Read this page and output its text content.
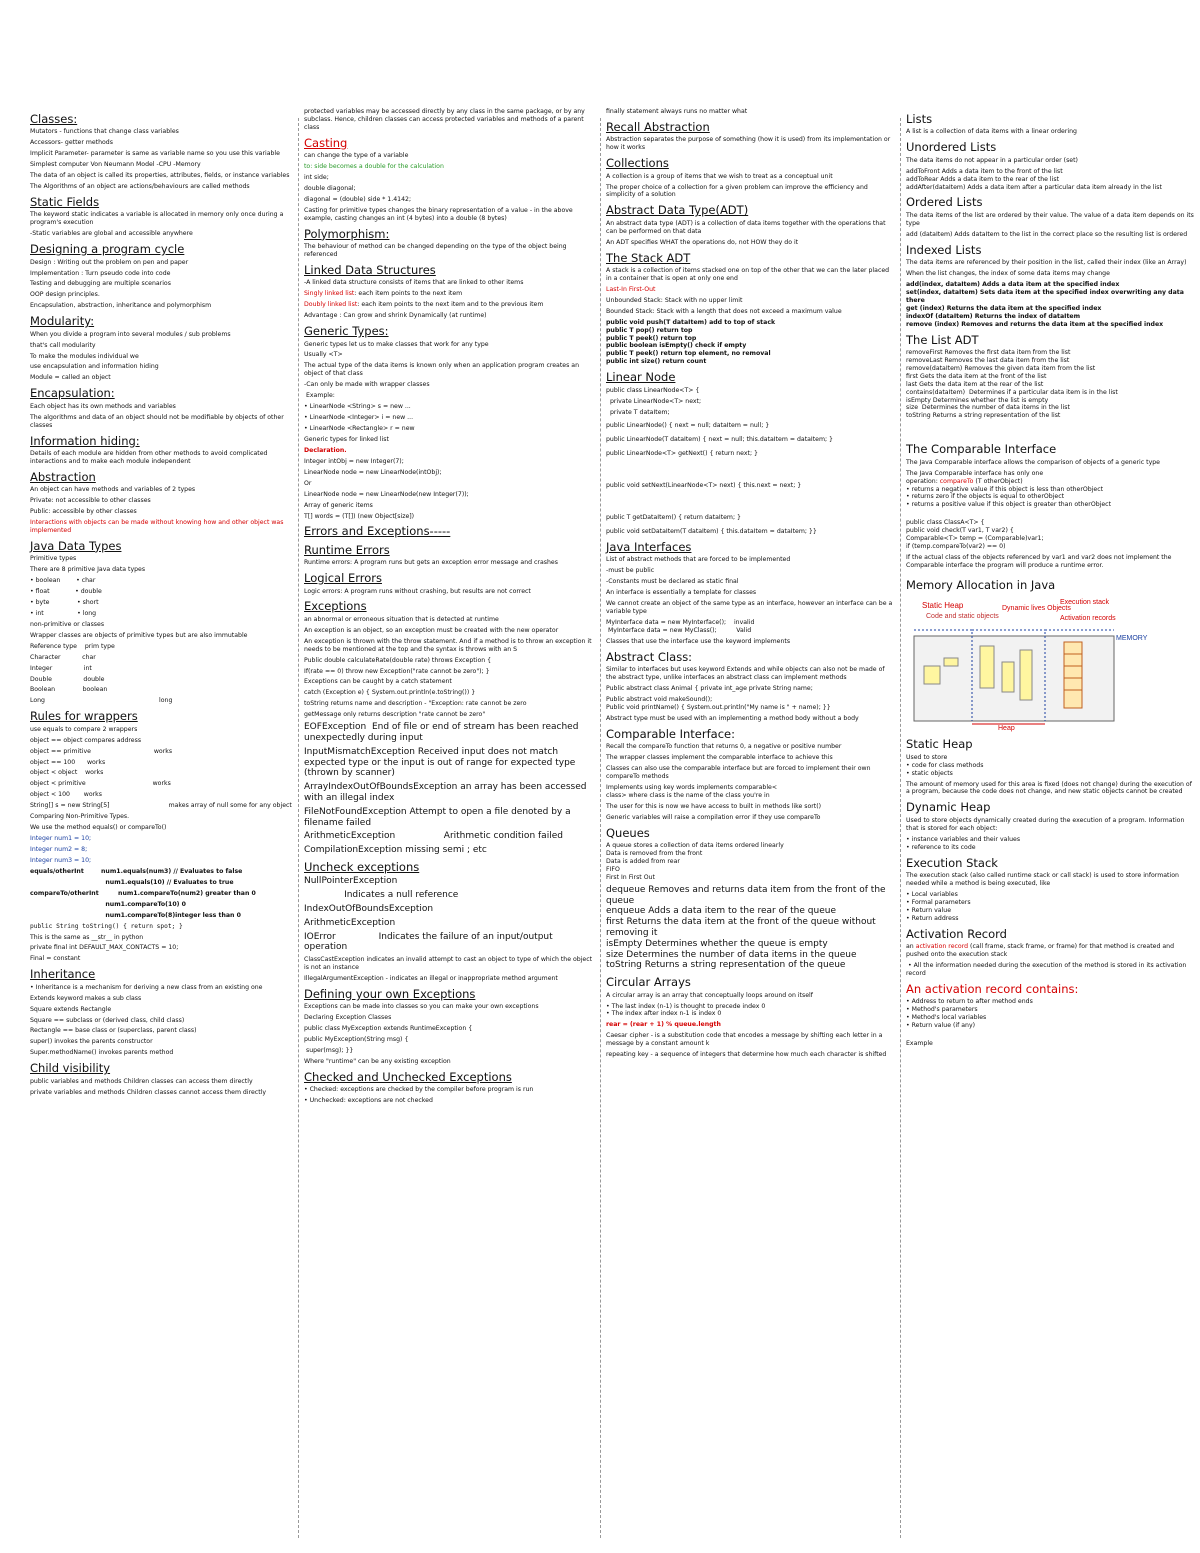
Classes:
Mutators - functions that change class variables
Accessors- getter methods
Implicit Parameter- parameter is same as variable name so you use this variable
Simplest computer Von Neumann Model -CPU -Memory
The data of an object is called its properties, attributes, fields, or instance variables
The Algorithms of an object are actions/behaviours are called methods
Static Fields
The keyword static indicates a variable is allocated in memory only once during a program's execution
-Static variables are global and accessible anywhere
Designing a program cycle
Design : Writing out the problem on pen and paper
Implementation : Turn pseudo code into code
Testing and debugging are multiple scenarios
OOP design principles.
Encapsulation, abstraction, inheritance and polymorphism
Modularity:
When you divide a program into several modules / sub problems
that's call modularity
To make the modules individual we
use encapsulation and information hiding
Module = called an object
Encapsulation:
Each object has its own methods and variables
The algorithms and data of an object should not be modifiable by objects of other classes
Information hiding:
Details of each module are hidden from other methods to avoid complicated interactions and to make each module independent
Abstraction
An object can have methods and variables of 2 types
Private: not accessible to other classes
Public: accessible by other classes
Interactions with objects can be made without knowing how and other object was implemented
Java Data Types
Primitive types
There are 8 primitive Java data types
• boolean        • char
• float             • double
• byte              • short
• int                 • long
non-primitive or classes
Wrapper classes are objects of primitive types but are also immutable
Reference type    prim type
Character           char
Integer                int
Double                double
Boolean              boolean
Long                                                          long
Rules for wrappers
use equals to compare 2 wrappers
object == object compares address
object == primitive                                works
object == 100      works
object < object    works
object < primitive                                  works
object < 100       works
String[] s = new String[5]                              makes array of null some for any object
Comparing Non-Primitive Types.
We use the method equals() or compareTo()
Integer num1 = 10;
Integer num2 = 8;
Integer num3 = 10;
equals/otherInt        num1.equals(num3) // Evaluates to false
num1.equals(10) // Evaluates to true
compareTo/otherInt         num1.compareTo(num2) greater than 0
num1.compareTo(10) 0
num1.compareTo(8)integer less than 0
public String toString() { return spot; }
This is the same as __str__ in python
private final int DEFAULT_MAX_CONTACTS = 10;
Final = constant
Inheritance
• Inheritance is a mechanism for deriving a new class from an existing one
Extends keyword makes a sub class
Square extends Rectangle
Square == subclass or (derived class, child class)
Rectangle == base class or (superclass, parent class)
super() invokes the parents constructor
Super.methodName() invokes parents method
Child visibility
public variables and methods Children classes can access them directly
private variables and methods Children classes cannot access them directly
protected variables may be accessed directly by any class in the same package, or by any subclass. Hence, children classes can access protected variables and methods of a parent class
Casting
can change the type of a variable
to: side becomes a double for the calculation
int side;
double diagonal;
diagonal = (double) side * 1.4142;
Casting for primitive types changes the binary representation of a value - in the above example, casting changes an int (4 bytes) into a double (8 bytes)
Polymorphism:
The behaviour of method can be changed depending on the type of the object being referenced
Linked Data Structures
-A linked data structure consists of items that are linked to other items
Singly linked list: each item points to the next item
Doubly linked list: each item points to the next item and to the previous item
Advantage : Can grow and shrink Dynamically (at runtime)
Generic Types:
Generic types let us to make classes that work for any type
Usually <T>
The actual type of the data items is known only when an application program creates an object of that class
-Can only be made with wrapper classes
Example:
• LinearNode <String> s = new ...
• LinearNode <Integer> i = new ...
• LinearNode <Rectangle> r = new
Generic types for linked list
Declaration.
Integer intObj = new Integer(7);
LinearNode node = new LinearNode(intObj);
Or
LinearNode node = new LinearNode(new Integer(7));
Array of generic items
T[] words = (T[]) (new Object[size])
Errors and Exceptions-----
Runtime Errors
Runtime errors: A program runs but gets an exception error message and crashes
Logical Errors
Logic errors: A program runs without crashing, but results are not correct
Exceptions
an abnormal or erroneous situation that is detected at runtime
An exception is an object, so an exception must be created with the new operator
An exception is thrown with the throw statement. And if a method is to throw an exception it needs to be mentioned at the top and the syntax is throws with an S
Public double calculateRate(double rate) throws Exception {
If(rate == 0) throw new Exception("rate cannot be zero"); }
Exceptions can be caught by a catch statement
catch (Exception e) { System.out.println(e.toString()) }
toString returns name and description - "Exception: rate cannot be zero
getMessage only returns description "rate cannot be zero"
EOFException  End of file or end of stream has been reached unexpectedly during input
InputMismatchException Received input does not match expected type or the input is out of range for expected type (thrown by scanner)
ArrayIndexOutOfBoundsException an array has been accessed with an illegal index
FileNotFoundException Attempt to open a file denoted by a filename failed
ArithmeticException                 Arithmetic condition failed
CompilationException missing semi ; etc
Uncheck exceptions
NullPointerException
Indicates a null reference
IndexOutOfBoundsException
ArithmeticException
IOError               Indicates the failure of an input/output operation
ClassCastException indicates an invalid attempt to cast an object to type of which the object is not an instance
IllegalArgumentException - indicates an illegal or inappropriate method argument
Defining your own Exceptions
Exceptions can be made into classes so you can make your own exceptions
Declaring Exception Classes
public class MyException extends RuntimeException {
public MyException(String msg) {
super(msg); }}
Where "runtime" can be any existing exception
Checked and Unchecked Exceptions
• Checked: exceptions are checked by the compiler before program is run
• Unchecked: exceptions are not checked
finally statement always runs no matter what
Recall Abstraction
Abstraction separates the purpose of something (how it is used) from its implementation or how it works
Collections
A collection is a group of items that we wish to treat as a conceptual unit
The proper choice of a collection for a given problem can improve the efficiency and simplicity of a solution
Abstract Data Type(ADT)
An abstract data type (ADT) is a collection of data items together with the operations that can be performed on that data
An ADT specifies WHAT the operations do, not HOW they do it
The Stack ADT
A stack is a collection of items stacked one on top of the other that we can the later placed in a container that is open at only one end
Last-In First-Out
Unbounded Stack: Stack with no upper limit
Bounded Stack: Stack with a length that does not exceed a maximum value
public void push(T dataItem) add to top of stack
public T pop() return top
public T peek() return top
public boolean isEmpty() check if empty
public T peek() return top element, no removal
public int size() return count
Linear Node
public class LinearNode<T> {
private LinearNode<T> next;
private T dataItem;
public LinearNode() { next = null; dataItem = null; }
public LinearNode(T dataItem) { next = null; this.dataItem = dataItem; }
public LinearNode<T> getNext() { return next; }
public void setNext(LinearNode<T> next) { this.next = next; }
public T getDataItem() { return dataItem; }
public void setDataItem(T dataItem) { this.dataItem = dataItem; }}
Java Interfaces
List of abstract methods that are forced to be implemented
-must be public
-Constants must be declared as static final
An interface is essentially a template for classes
We cannot create an object of the same type as an interface, however an interface can be a variable type
MyInterface data = new MyInterface();    invalid
MyInterface data = new MyClass();          Valid
Classes that use the interface use the keyword implements
Abstract Class:
Similar to interfaces but uses keyword Extends and while objects can also not be made of the abstract type, unlike interfaces an abstract class can implement methods
Public abstract class Animal { private int_age private String name;
Public abstract void makeSound();
Public void printName() { System.out.println("My name is " + name); }}
Abstract type must be used with an implementing a method body without a body
Comparable Interface:
Recall the compareTo function that returns 0, a negative or positive number
The wrapper classes implement the comparable interface to achieve this
Classes can also use the comparable interface but are forced to implement their own compareTo methods
Implements using key words implements comparable<
class> where class is the name of the class you're in
The user for this is now we have access to built in methods like sort()
Generic variables will raise a compilation error if they use compareTo
Queues
A queue stores a collection of data items ordered linearly
Data is removed from the front
Data is added from rear
FIFO
First In First Out
dequeue Removes and returns data item from the front of the queue
enqueue Adds a data item to the rear of the queue
first Returns the data item at the front of the queue without removing it
isEmpty Determines whether the queue is empty
size Determines the number of data items in the queue
toString Returns a string representation of the queue
Circular Arrays
A circular array is an array that conceptually loops around on itself
• The last index (n-1) is thought to precede index 0
• The index after index n-1 is index 0
rear = (rear + 1) % queue.length
Caesar cipher - is a substitution code that encodes a message by shifting each letter in a message by a constant amount k
repeating key - a sequence of integers that determine how much each character is shifted
Lists
A list is a collection of data items with a linear ordering
Unordered Lists
The data items do not appear in a particular order (set)
addToFront Adds a data item to the front of the list
addToRear Adds a data item to the rear of the list
addAfter(dataItem) Adds a data item after a particular data item already in the list
Ordered Lists
The data items of the list are ordered by their value. The value of a data item depends on its type
add (dataItem) Adds dataItem to the list in the correct place so the resulting list is ordered
Indexed Lists
The data items are referenced by their position in the list, called their index (like an Array)
When the list changes, the index of some data items may change
add(index, dataItem) Adds a data item at the specified index
set(index, dataItem) Sets data item at the specified index overwriting any data there
get (index) Returns the data item at the specified index
indexOf (dataItem) Returns the index of dataItem
remove (index) Removes and returns the data item at the specified index
The List ADT
removeFirst Removes the first data item from the list
removeLast Removes the last data item from the list
remove(dataItem) Removes the given data item from the list
first Gets the data item at the front of the list
last Gets the data item at the rear of the list
contains(dataItem)  Determines if a particular data item is in the list
isEmpty Determines whether the list is empty
size  Determines the number of data items in the list
toString Returns a string representation of the list
The Comparable Interface
The Java Comparable interface allows the comparison of objects of a generic type
The Java Comparable interface has only one
operation: compareTo (T otherObject)
• returns a negative value if this object is less than otherObject
• returns zero if the objects is equal to otherObject
• returns a positive value if this object is greater than otherObject
public class ClassA<T> {
public void check(T var1, T var2) {
Comparable<T> temp = (Comparable)var1;
if (temp.compareTo(var2) == 0)
If the actual class of the objects referenced by var1 and var2 does not implement the Comparable interface the program will produce a runtime error.
Memory Allocation in Java
Static Heap
Code and static objects
Dynamic lives Objects
Execution stack
Activation records
MEMORY
Heap
Static Heap
Used to store
• code for class methods
• static objects
The amount of memory used for this area is fixed (does not change) during the execution of a program, because the code does not change, and new static objects cannot be created
Dynamic Heap
Used to store objects dynamically created during the execution of a program. Information that is stored for each object:
• instance variables and their values
• reference to its code
Execution Stack
The execution stack (also called runtime stack or call stack) is used to store information needed while a method is being executed, like
• Local variables
• Formal parameters
• Return value
• Return address
Activation Record
an activation record (call frame, stack frame, or frame) for that method is created and pushed onto the execution stack
• All the information needed during the execution of the method is stored in its activation record
An activation record contains:
• Address to return to after method ends
• Method's parameters
• Method's local variables
• Return value (if any)
Example
